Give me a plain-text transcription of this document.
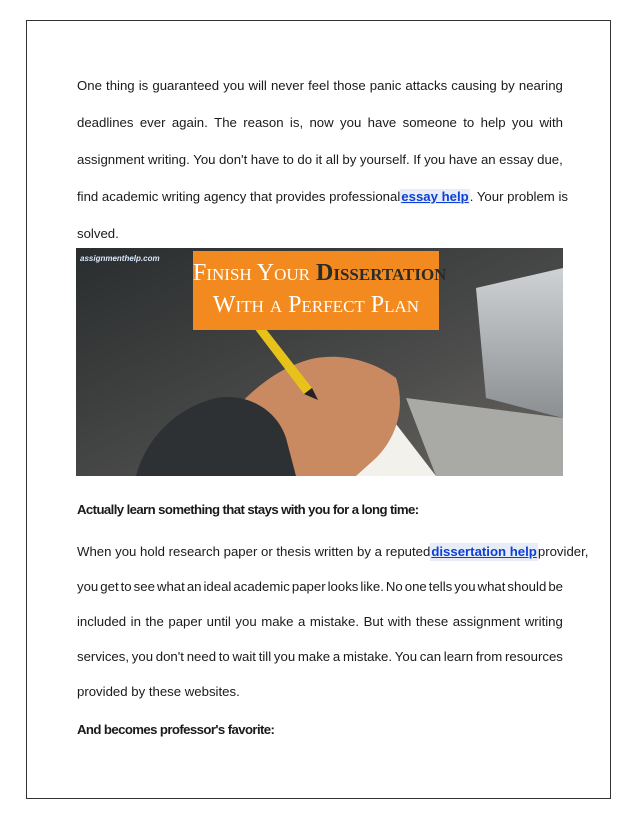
One thing is guaranteed you will never feel those panic attacks causing by nearing
deadlines ever again. The reason is, now you have someone to help you with
assignment writing. You don't have to do it all by yourself. If you have an essay due,
find academic writing agency that provides professional essay help. Your problem is
solved.
assignmenthelp.com
Finish Your Dissertation
With a Perfect Plan
Actually learn something that stays with you for a long time:
When you hold research paper or thesis written by a reputed dissertation help provider,
you get to see what an ideal academic paper looks like. No one tells you what should be
included in the paper until you make a mistake. But with these assignment writing
services, you don't need to wait till you make a mistake. You can learn from resources
provided by these websites.
And becomes professor's favorite:
